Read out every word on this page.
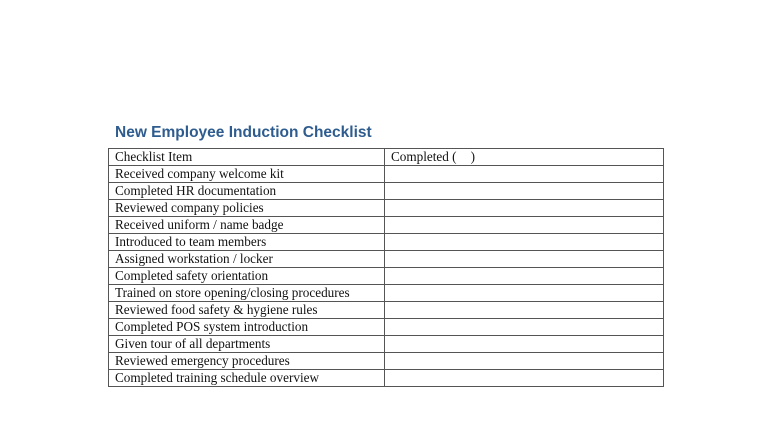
New Employee Induction Checklist
Checklist Item	Completed ( )
Received company welcome kit	
Completed HR documentation	
Reviewed company policies	
Received uniform / name badge	
Introduced to team members	
Assigned workstation / locker	
Completed safety orientation	
Trained on store opening/closing procedures	
Reviewed food safety & hygiene rules	
Completed POS system introduction	
Given tour of all departments	
Reviewed emergency procedures	
Completed training schedule overview	
